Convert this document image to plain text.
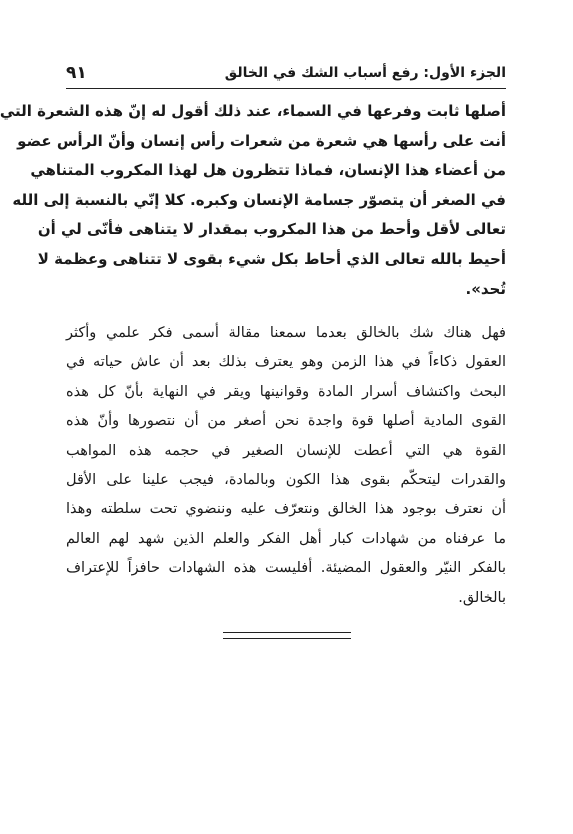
٩١	الجزء الأول: رفع أسباب الشك في الخالق
أصلها ثابت وفرعها في السماء، عند ذلك أقول له إنّ هذه الشعرة التي
أنت على رأسها هي شعرة من شعرات رأس إنسان وأنّ الرأس عضو
من أعضاء هذا الإنسان، فماذا تتظرون هل لهذا المكروب المتناهي
في الصغر أن يتصوّر جسامة الإنسان وكبره. كلا إنّي بالنسبة إلى الله
تعالى لأقل وأحط من هذا المكروب بمقدار لا يتناهى فأنّى لي أن
أحيط بالله تعالى الذي أحاط بكل شيء بقوى لا تتناهى وعظمة لا
تُحد».
فهل هناك شك بالخالق بعدما سمعنا مقالة أسمى فكر علمي وأكثر
العقول ذكاءاً في هذا الزمن وهو يعترف بذلك بعد أن عاش حياته في
البحث واكتشاف أسرار المادة وقوانينها ويقر في النهاية بأنّ كل هذه
القوى المادية أصلها قوة واجدة نحن أصغر من أن نتصورها وأنّ هذه
القوة هي التي أعطت للإنسان الصغير في حجمه هذه المواهب
والقدرات ليتحكّم بقوى هذا الكون وبالمادة، فيجب علينا على الأقل
أن نعترف بوجود هذا الخالق ونتعرّف عليه وننضوي تحت سلطته وهذا
ما عرفناه من شهادات كبار أهل الفكر والعلم الذين شهد لهم العالم
بالفكر النيّر والعقول المضيئة. أفليست هذه الشهادات حافزاً للإعتراف
بالخالق.
